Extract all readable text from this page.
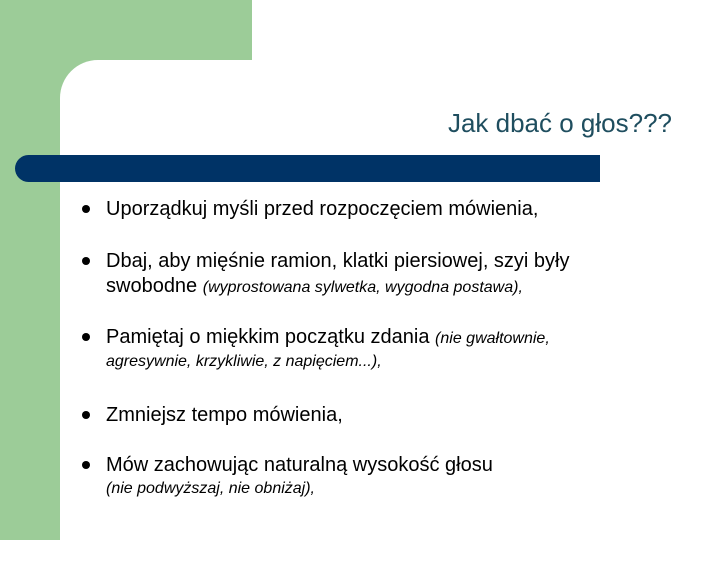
Jak dbać o głos???
Uporządkuj myśli przed rozpoczęciem mówienia,
Dbaj, aby mięśnie ramion, klatki piersiowej, szyi były
swobodne (wyprostowana sylwetka, wygodna postawa),
Pamiętaj o miękkim początku zdania (nie gwałtownie,
agresywnie, krzykliwie, z napięciem...),
Zmniejsz tempo mówienia,
Mów zachowując naturalną wysokość głosu
(nie podwyższaj, nie obniżaj),
